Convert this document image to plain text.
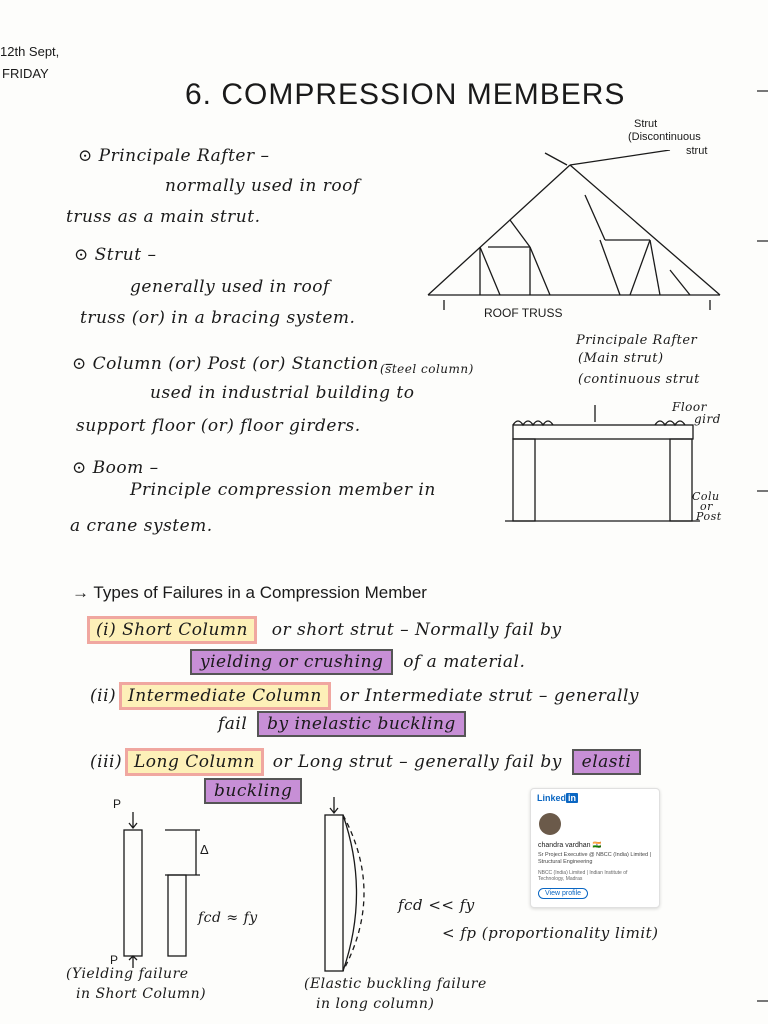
12th Sept,
FRIDAY
6. COMPRESSION MEMBERS
⊙ Principale Rafter –
normally used in roof
truss as a main strut.
⊙ Strut –
generally used in roof
truss (or) in a bracing system.
⊙ Column (or) Post (or) Stanction –
(steel column)
used in industrial building to
support floor (or) floor girders.
⊙ Boom –
Principle compression member in
a crane system.
ROOF TRUSS
Strut
(Discontinuous
strut
Principale Rafter
(Main strut)
(continuous strut
Floor
gird
Colu
or
Post
→ Types of Failures in a Compression Member
(i) Short Column or short strut – Normally fail by
yielding or crushing of a material.
(ii) Intermediate Column or Intermediate strut – generally
fail by inelastic buckling
(iii) Long Column or Long strut – generally fail by elasti
buckling
P
P
Δ
fcd ≈ fy
(Yielding failure
in Short Column)
fcd << fy
< fp (proportionality limit)
(Elastic buckling failure
in long column)
Linked in
chandra vardhan 🇮🇳
Sr Project Executive @ NBCC (India) Limited | Structural Engineering
NBCC (India) Limited | Indian Institute of Technology, Madras
View profile
